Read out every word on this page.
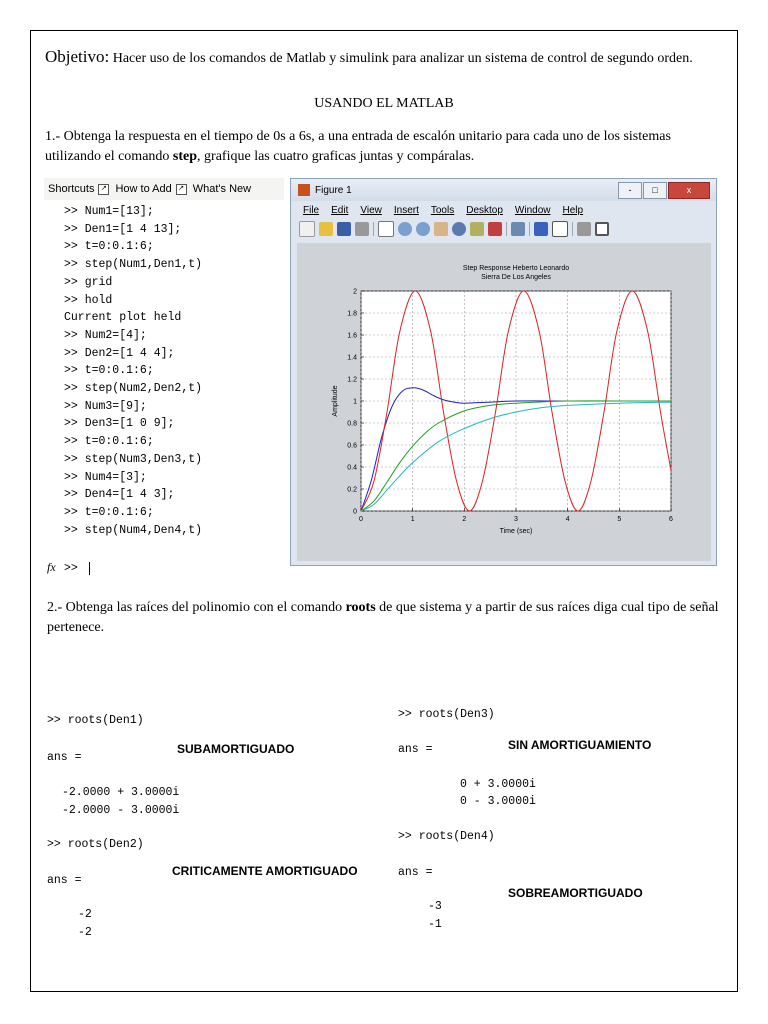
Objetivo: Hacer uso de los comandos de Matlab y simulink para analizar un sistema de control de segundo orden.
USANDO EL MATLAB
1.- Obtenga la respuesta en el tiempo de 0s a 6s, a una entrada de escalón unitario para cada uno de los sistemas utilizando el comando step, grafique las cuatro graficas juntas y compáralas.
Shortcuts ↗ How to Add ↗ What's New
>> Num1=[13];
>> Den1=[1 4 13];
>> t=0:0.1:6;
>> step(Num1,Den1,t)
>> grid
>> hold
Current plot held
>> Num2=[4];
>> Den2=[1 4 4];
>> t=0:0.1:6;
>> step(Num2,Den2,t)
>> Num3=[9];
>> Den3=[1 0 9];
>> t=0:0.1:6;
>> step(Num3,Den3,t)
>> Num4=[3];
>> Den4=[1 4 3];
>> t=0:0.1:6;
>> step(Num4,Den4,t)
fx >>
Figure 1	-	□	x
File Edit View Insert Tools Desktop Window Help
0	1	2	3	4	5	6
0
0.2
0.4
0.6
0.8
1
1.2
1.4
1.6
1.8
2
Step Response Heberto Leonardo
Sierra De Los Angeles
Time (sec)
Amplitude
2.- Obtenga las raíces del polinomio con el comando roots de que sistema y a partir de sus raíces diga cual tipo de señal pertenece.
>> roots(Den1)
ans =
SUBAMORTIGUADO
-2.0000 + 3.0000i
-2.0000 - 3.0000i
>> roots(Den2)
ans =
CRITICAMENTE AMORTIGUADO
-2
-2
>> roots(Den3)
ans =	SIN AMORTIGUAMIENTO
0 + 3.0000i
0 - 3.0000i
>> roots(Den4)
ans =
SOBREAMORTIGUADO
-3
-1
